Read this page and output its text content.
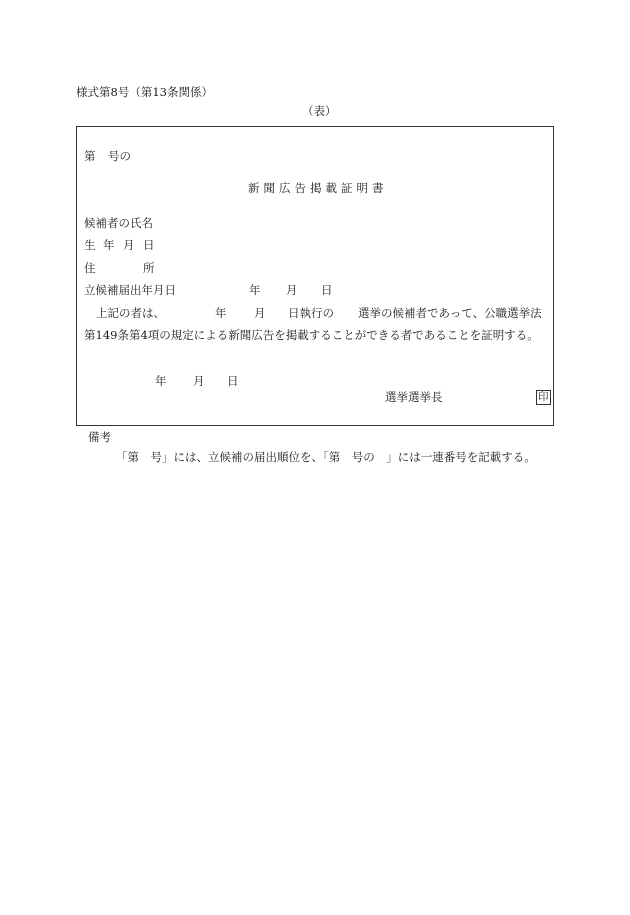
様式第8号（第13条関係）
（表）
第 号の
新聞広告掲載証明書
候補者の氏名
生 年 月 日
住	所
立候補届出年月日	年 月 日
上記の者は、	年 月 日執行の 選挙の候補者であって、公職選挙法
第149条第4項の規定による新聞広告を掲載することができる者であることを証明する。
年 月 日
選挙選挙長	印
備考
「第　号」には、立候補の届出順位を、「第　号の　」には一連番号を記載する。
